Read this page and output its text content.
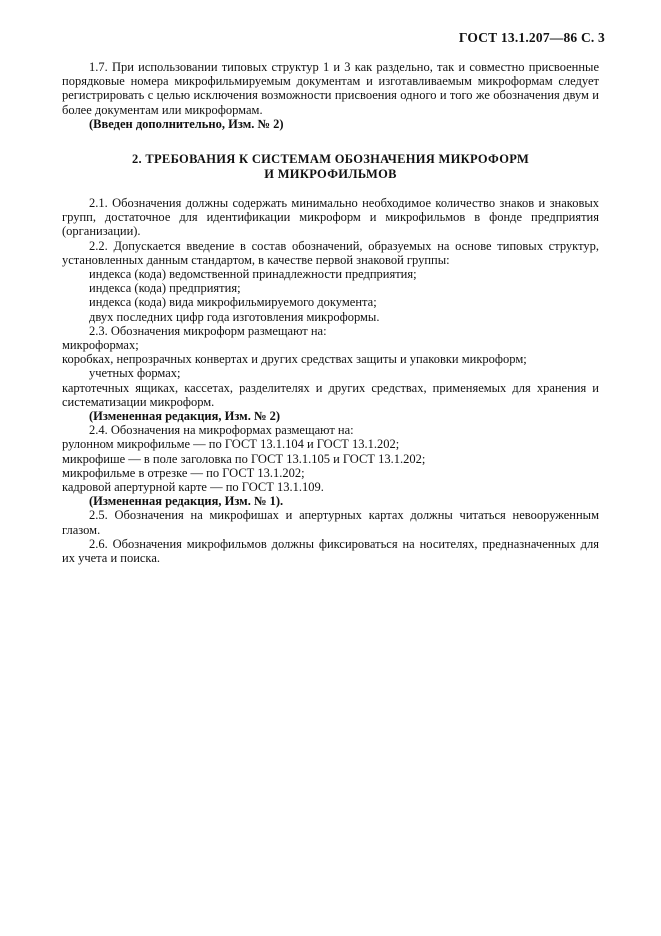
ГОСТ 13.1.207—86 С. 3

1.7. При использовании типовых структур 1 и 3 как раздельно, так и совместно присвоенные порядковые номера микрофильмируемым документам и изготавливаемым микроформам следует регистрировать с целью исключения возможности присвоения одного и того же обозначения двум и более документам или микроформам.

(Введен дополнительно, Изм. № 2)

2. ТРЕБОВАНИЯ К СИСТЕМАМ ОБОЗНАЧЕНИЯ МИКРОФОРМ
И МИКРОФИЛЬМОВ

2.1. Обозначения должны содержать минимально необходимое количество знаков и знаковых групп, достаточное для идентификации микроформ и микрофильмов в фонде предприятия (организации).

2.2. Допускается введение в состав обозначений, образуемых на основе типовых структур, установленных данным стандартом, в качестве первой знаковой группы:

индекса (кода) ведомственной принадлежности предприятия;

индекса (кода) предприятия;

индекса (кода) вида микрофильмируемого документа;

двух последних цифр года изготовления микроформы.

2.3. Обозначения микроформ размещают на:

микроформах;

коробках, непрозрачных конвертах и других средствах защиты и упаковки микроформ;

учетных формах;

картотечных ящиках, кассетах, разделителях и других средствах, применяемых для хранения и систематизации микроформ.

(Измененная редакция, Изм. № 2)

2.4. Обозначения на микроформах размещают на:

рулонном микрофильме — по ГОСТ 13.1.104 и ГОСТ 13.1.202;

микрофише — в поле заголовка по ГОСТ 13.1.105 и ГОСТ 13.1.202;

микрофильме в отрезке — по ГОСТ 13.1.202;

кадровой апертурной карте — по ГОСТ 13.1.109.

(Измененная редакция, Изм. № 1).

2.5. Обозначения на микрофишах и апертурных картах должны читаться невооруженным глазом.

2.6. Обозначения микрофильмов должны фиксироваться на носителях, предназначенных для их учета и поиска.
